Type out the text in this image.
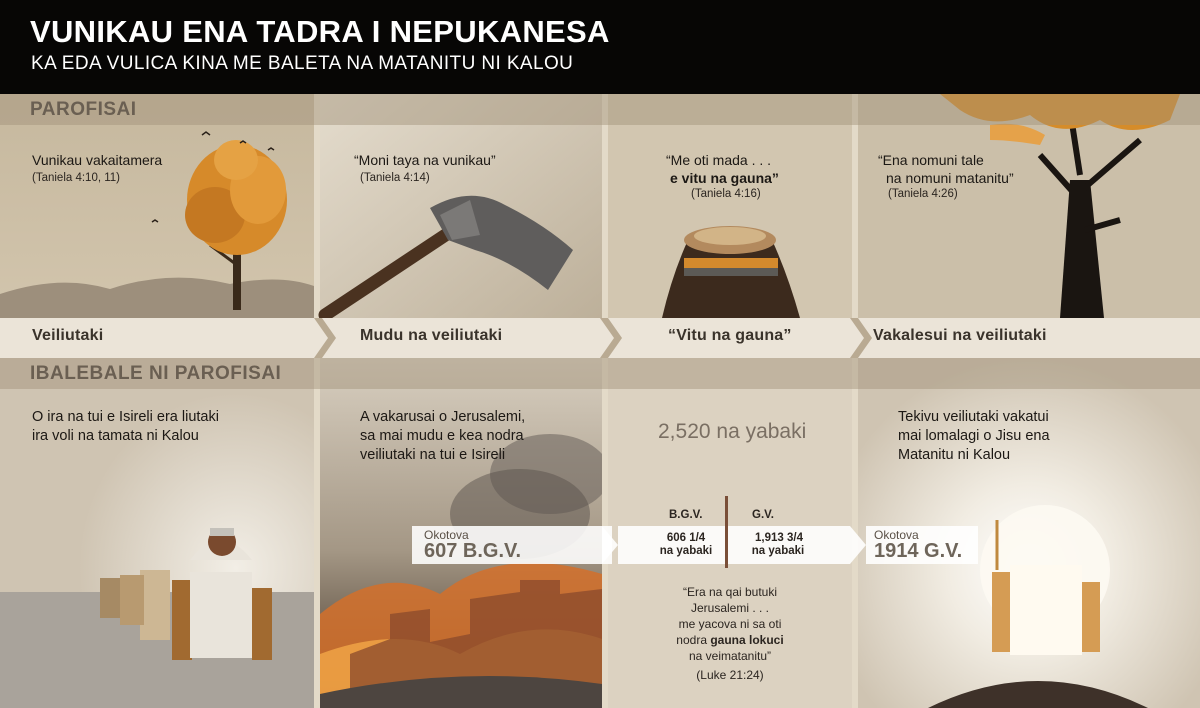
VUNIKAU ENA TADRA I NEPUKANESA
KA EDA VULICA KINA ME BALETA NA MATANITU NI KALOU
PAROFISAI
IBALEBALE NI PAROFISAI
Vunikau vakaitamera
(Taniela 4:10, 11)
“Moni taya na vunikau”
(Taniela 4:14)
“Me oti mada . . .
e vitu na gauna”
(Taniela 4:16)
“Ena nomuni tale
na nomuni matanitu”
(Taniela 4:26)
Veiliutaki	Mudu na veiliutaki	“Vitu na gauna”	Vakalesui na veiliutaki
O ira na tui e Isireli era liutaki
ira voli na tamata ni Kalou
A vakarusai o Jerusalemi,
sa mai mudu e kea nodra
veiliutaki na tui e Isireli
2,520 na yabaki
Tekivu veiliutaki vakatui
mai lomalagi o Jisu ena
Matanitu ni Kalou
Okotova
607 B.G.V.
B.G.V.	G.V.
606 1/4
na yabaki
1,913 3/4
na yabaki
Okotova
1914 G.V.
“Era na qai butuki
Jerusalemi . . .
me yacova ni sa oti
nodra gauna lokuci
na veimatanitu”
(Luke 21:24)
